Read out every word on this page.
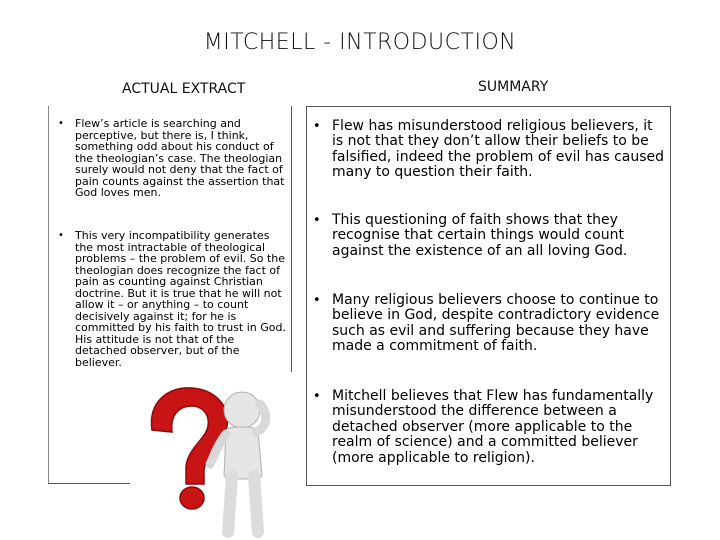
MITCHELL - INTRODUCTION
ACTUAL EXTRACT	SUMMARY
• Flew’s article is searching and perceptive, but there is, I think, something odd about his conduct of the theologian’s case. The theologian surely would not deny that the fact of pain counts against the assertion that God loves men.
• This very incompatibility generates the most intractable of theological problems – the problem of evil. So the theologian does recognize the fact of pain as counting against Christian doctrine. But it is true that he will not allow it – or anything – to count decisively against it; for he is committed by his faith to trust in God. His attitude is not that of the detached observer, but of the believer.
• Flew has misunderstood religious believers, it is not that they don’t allow their beliefs to be falsified, indeed the problem of evil has caused many to question their faith.
• This questioning of faith shows that they recognise that certain things would count against the existence of an all loving God.
• Many religious believers choose to continue to believe in God, despite contradictory evidence such as evil and suffering because they have made a commitment of faith.
• Mitchell believes that Flew has fundamentally misunderstood the difference between a detached observer (more applicable to the realm of science) and a committed believer (more applicable to religion).
